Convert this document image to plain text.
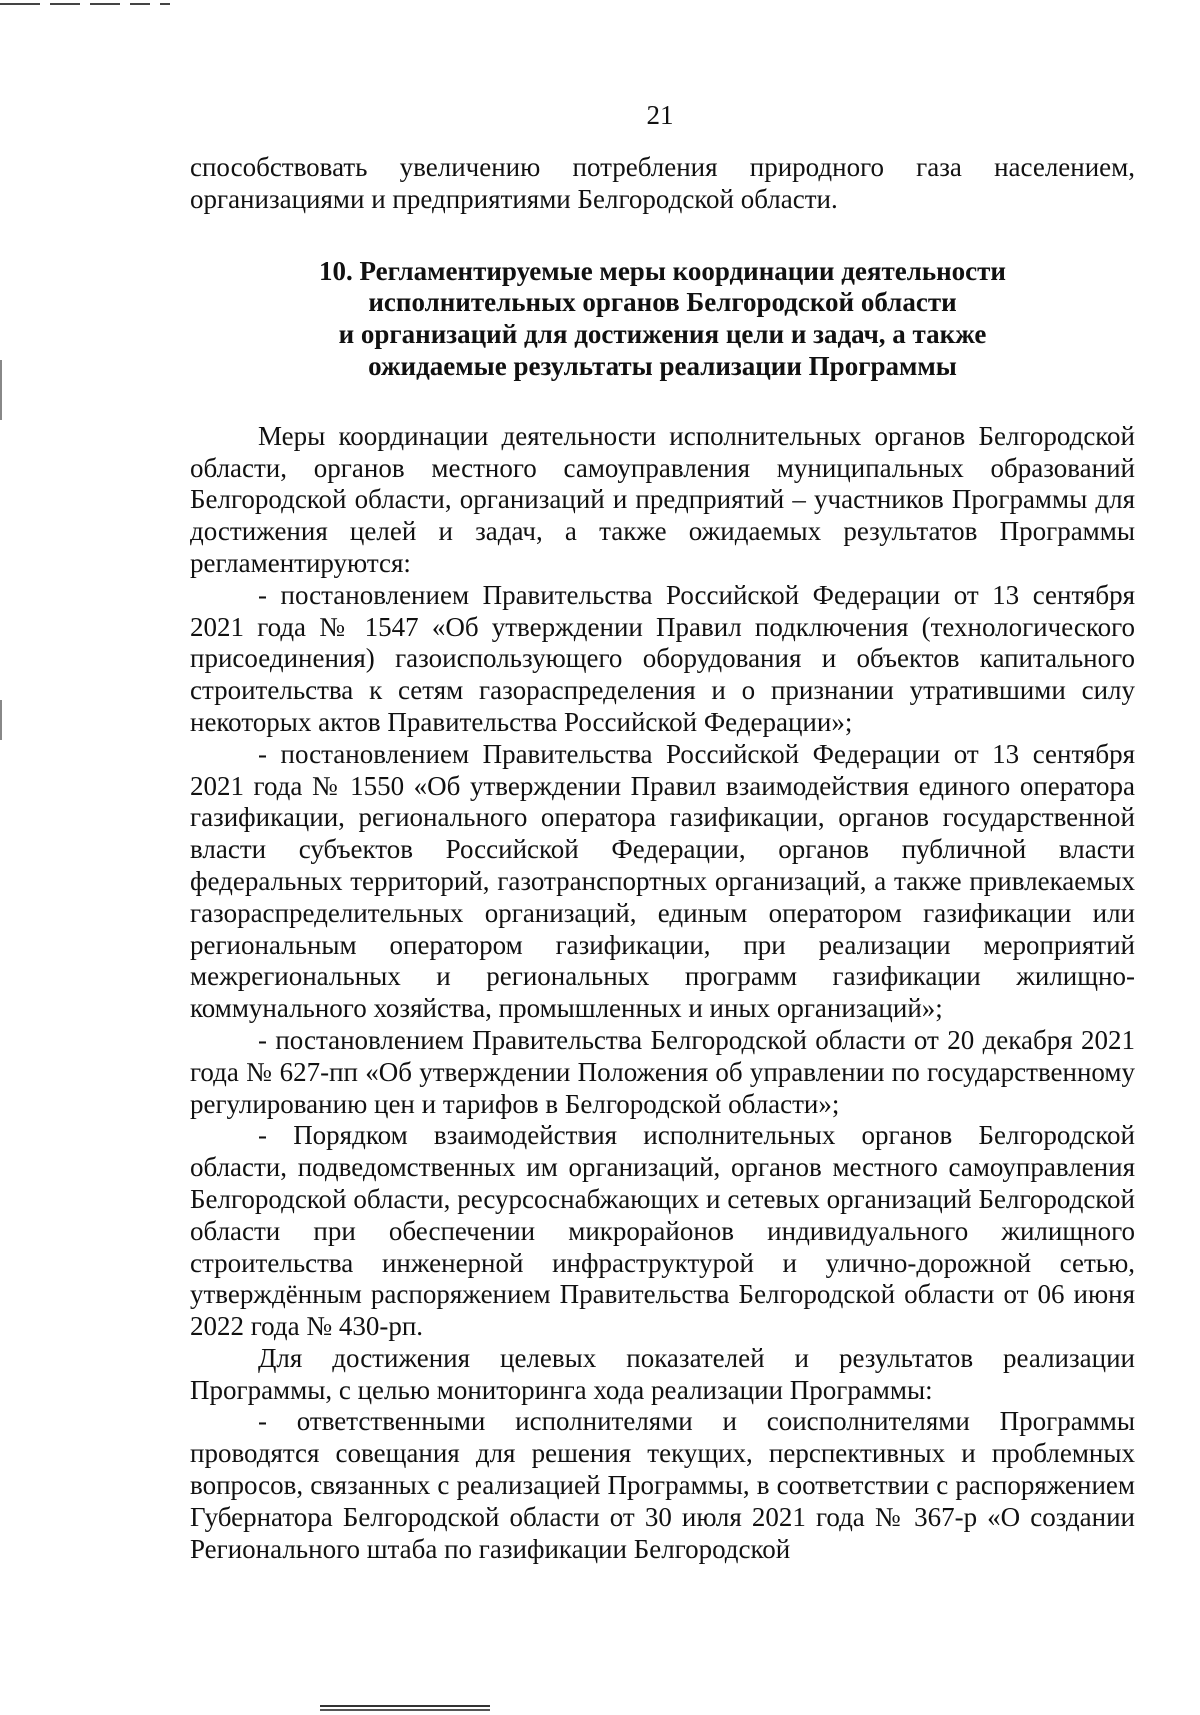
21

способствовать увеличению потребления природного газа населением, организациями и предприятиями Белгородской области.

10. Регламентируемые меры координации деятельности
исполнительных органов Белгородской области
и организаций для достижения цели и задач, а также
ожидаемые результаты реализации Программы

Меры координации деятельности исполнительных органов Белгородской области, органов местного самоуправления муниципальных образований Белгородской области, организаций и предприятий – участников Программы для достижения целей и задач, а также ожидаемых результатов Программы регламентируются:

- постановлением Правительства Российской Федерации от 13 сентября 2021 года № 1547 «Об утверждении Правил подключения (технологического присоединения) газоиспользующего оборудования и объектов капитального строительства к сетям газораспределения и о признании утратившими силу некоторых актов Правительства Российской Федерации»;

- постановлением Правительства Российской Федерации от 13 сентября 2021 года № 1550 «Об утверждении Правил взаимодействия единого оператора газификации, регионального оператора газификации, органов государственной власти субъектов Российской Федерации, органов публичной власти федеральных территорий, газотранспортных организаций, а также привлекаемых газораспределительных организаций, единым оператором газификации или региональным оператором газификации, при реализации мероприятий межрегиональных и региональных программ газификации жилищно-коммунального хозяйства, промышленных и иных организаций»;

- постановлением Правительства Белгородской области от 20 декабря 2021 года № 627-пп «Об утверждении Положения об управлении по государственному регулированию цен и тарифов в Белгородской области»;

- Порядком взаимодействия исполнительных органов Белгородской области, подведомственных им организаций, органов местного самоуправления Белгородской области, ресурсоснабжающих и сетевых организаций Белгородской области при обеспечении микрорайонов индивидуального жилищного строительства инженерной инфраструктурой и улично-дорожной сетью, утверждённым распоряжением Правительства Белгородской области от 06 июня 2022 года № 430-рп.

Для достижения целевых показателей и результатов реализации Программы, с целью мониторинга хода реализации Программы:

- ответственными исполнителями и соисполнителями Программы проводятся совещания для решения текущих, перспективных и проблемных вопросов, связанных с реализацией Программы, в соответствии с распоряжением Губернатора Белгородской области от 30 июля 2021 года № 367-р «О создании Регионального штаба по газификации Белгородской
